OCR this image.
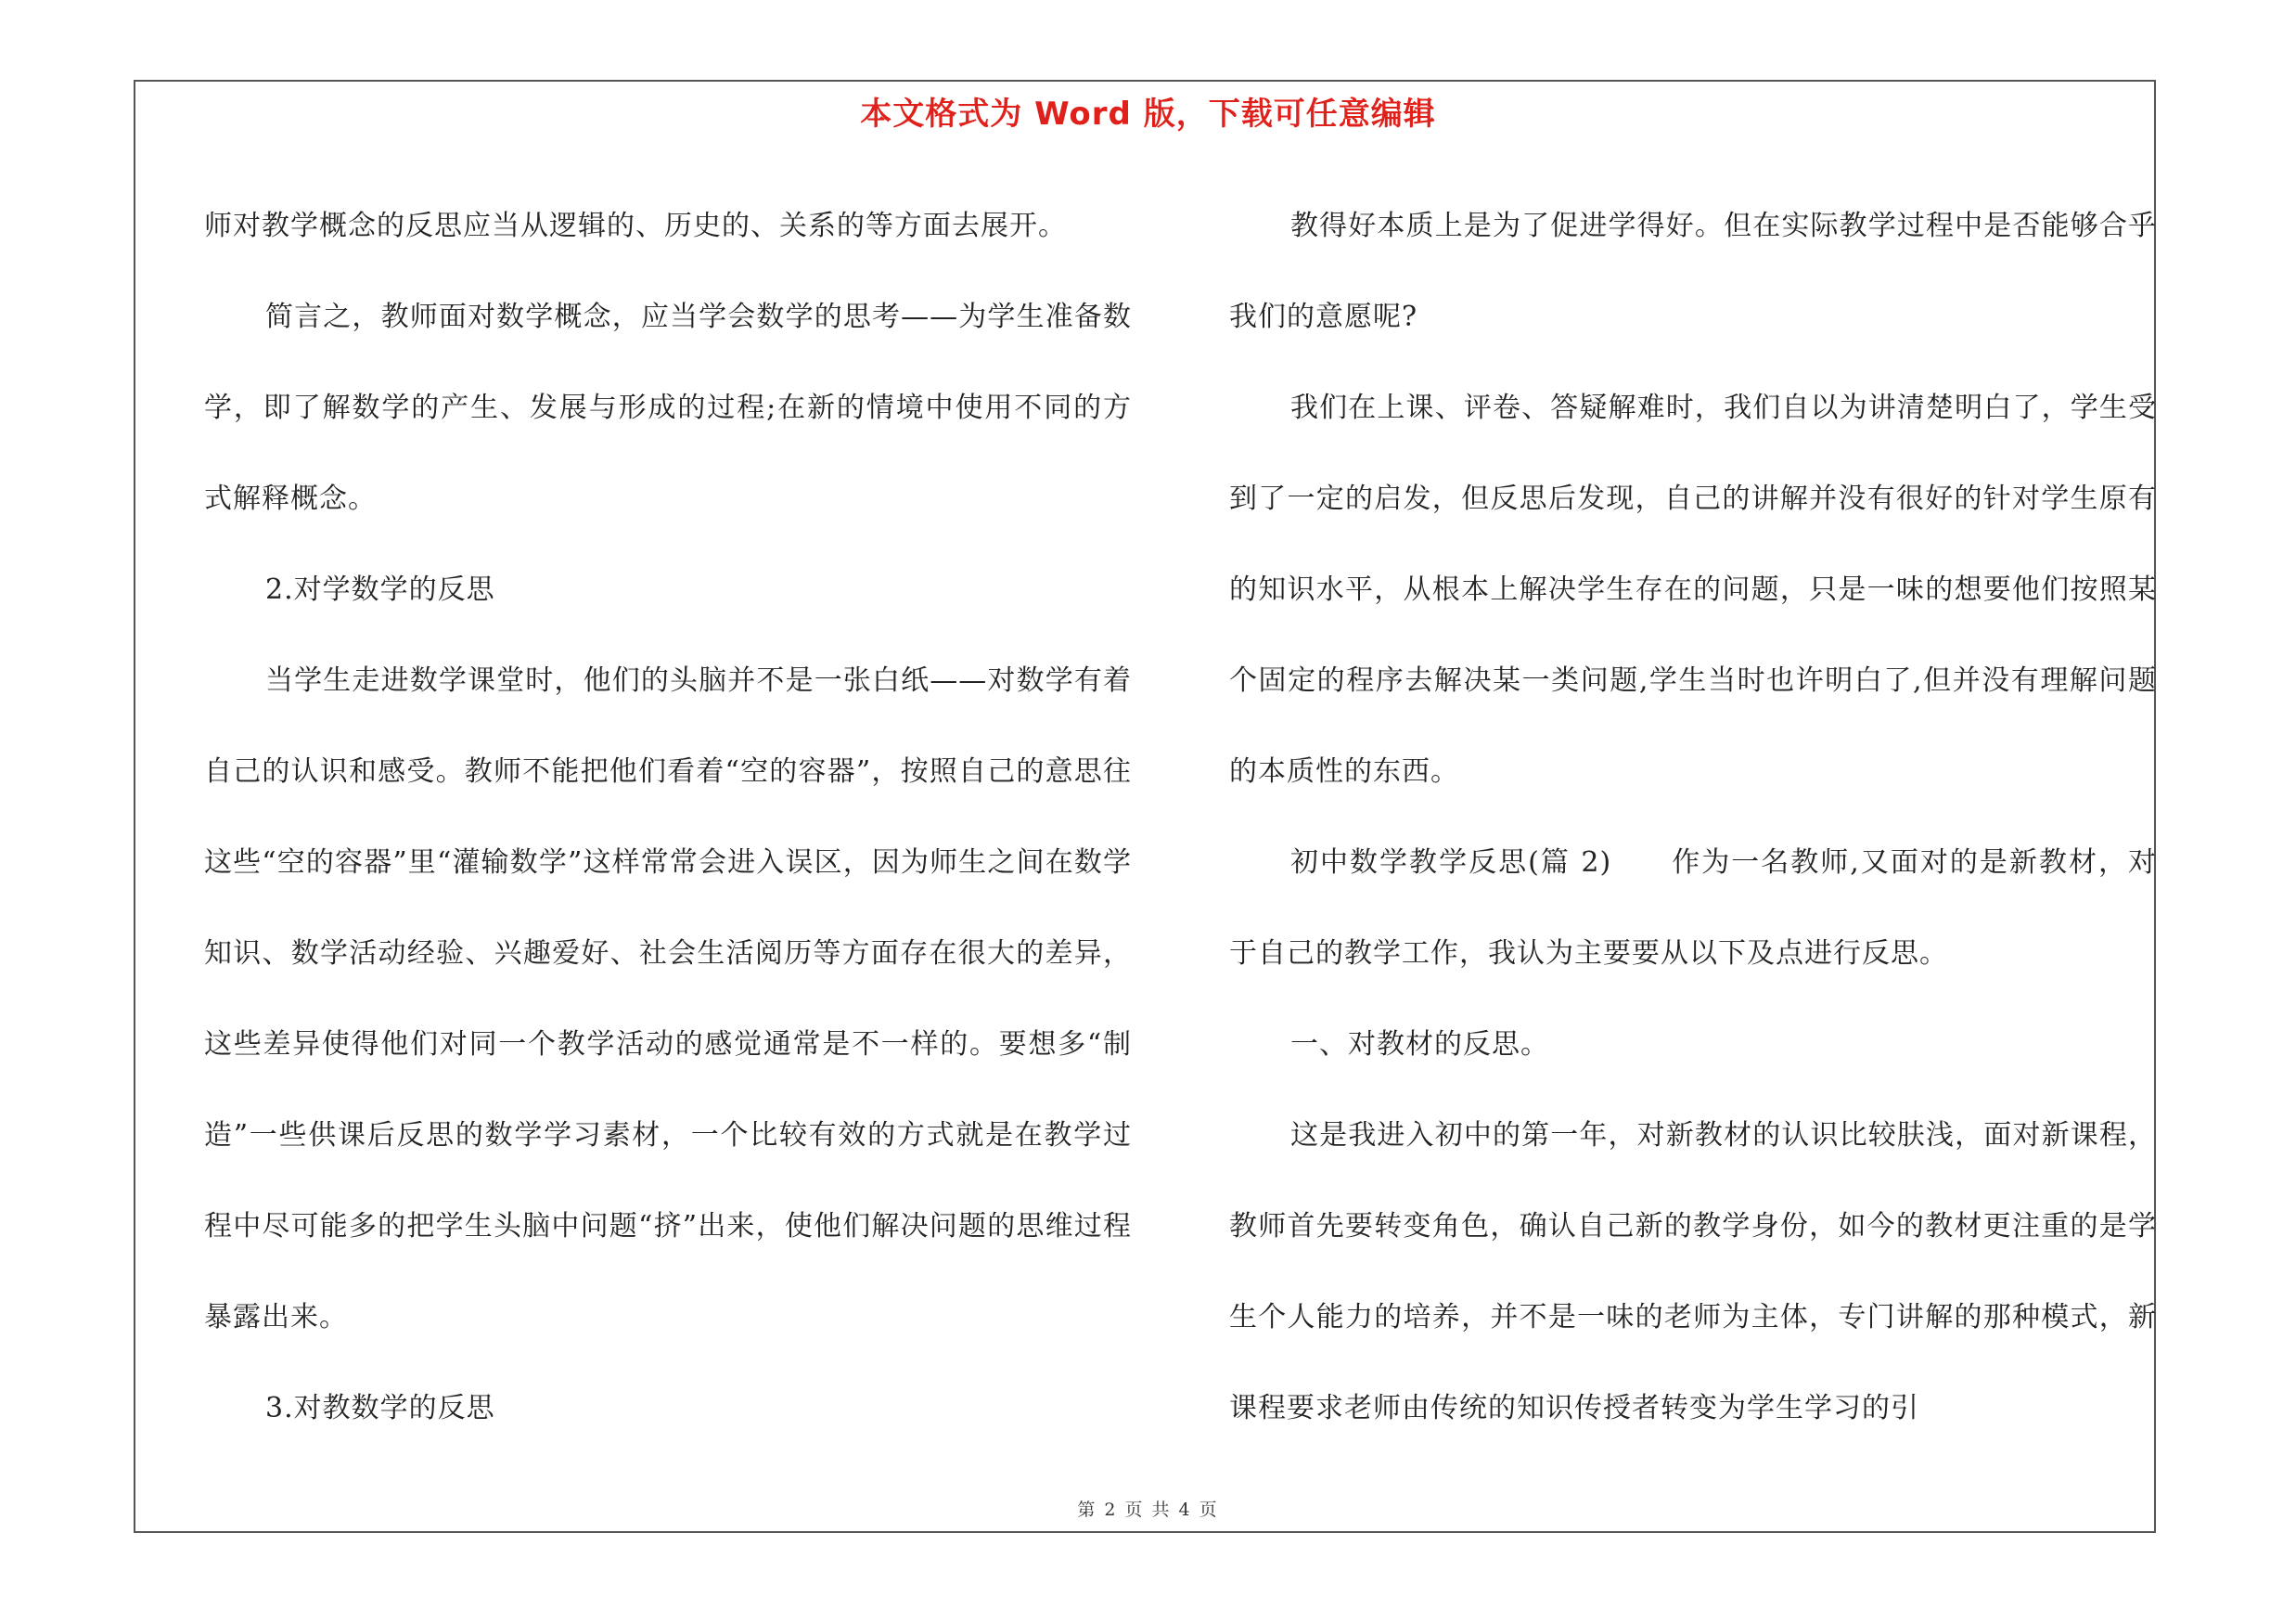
本文格式为 Word 版，下载可任意编辑

师对教学概念的反思应当从逻辑的、历史的、关系的等方面去展开。

简言之，教师面对数学概念，应当学会数学的思考——为学生准备数学，即了解数学的产生、发展与形成的过程;在新的情境中使用不同的方式解释概念。

2.对学数学的反思

当学生走进数学课堂时，他们的头脑并不是一张白纸——对数学有着自己的认识和感受。教师不能把他们看着“空的容器”，按照自己的意思往这些“空的容器”里“灌输数学”这样常常会进入误区，因为师生之间在数学知识、数学活动经验、兴趣爱好、社会生活阅历等方面存在很大的差异，这些差异使得他们对同一个教学活动的感觉通常是不一样的。要想多“制造”一些供课后反思的数学学习素材，一个比较有效的方式就是在教学过程中尽可能多的把学生头脑中问题“挤”出来，使他们解决问题的思维过程暴露出来。

3.对教数学的反思

教得好本质上是为了促进学得好。但在实际教学过程中是否能够合乎我们的意愿呢?

我们在上课、评卷、答疑解难时，我们自以为讲清楚明白了，学生受到了一定的启发，但反思后发现，自己的讲解并没有很好的针对学生原有的知识水平，从根本上解决学生存在的问题，只是一味的想要他们按照某个固定的程序去解决某一类问题,学生当时也许明白了,但并没有理解问题的本质性的东西。

初中数学教学反思(篇 2)　　作为一名教师,又面对的是新教材，对于自己的教学工作，我认为主要要从以下及点进行反思。

一、对教材的反思。

这是我进入初中的第一年，对新教材的认识比较肤浅，面对新课程，教师首先要转变角色，确认自己新的教学身份，如今的教材更注重的是学生个人能力的培养，并不是一味的老师为主体，专门讲解的那种模式，新课程要求老师由传统的知识传授者转变为学生学习的引

第 2 页 共 4 页
